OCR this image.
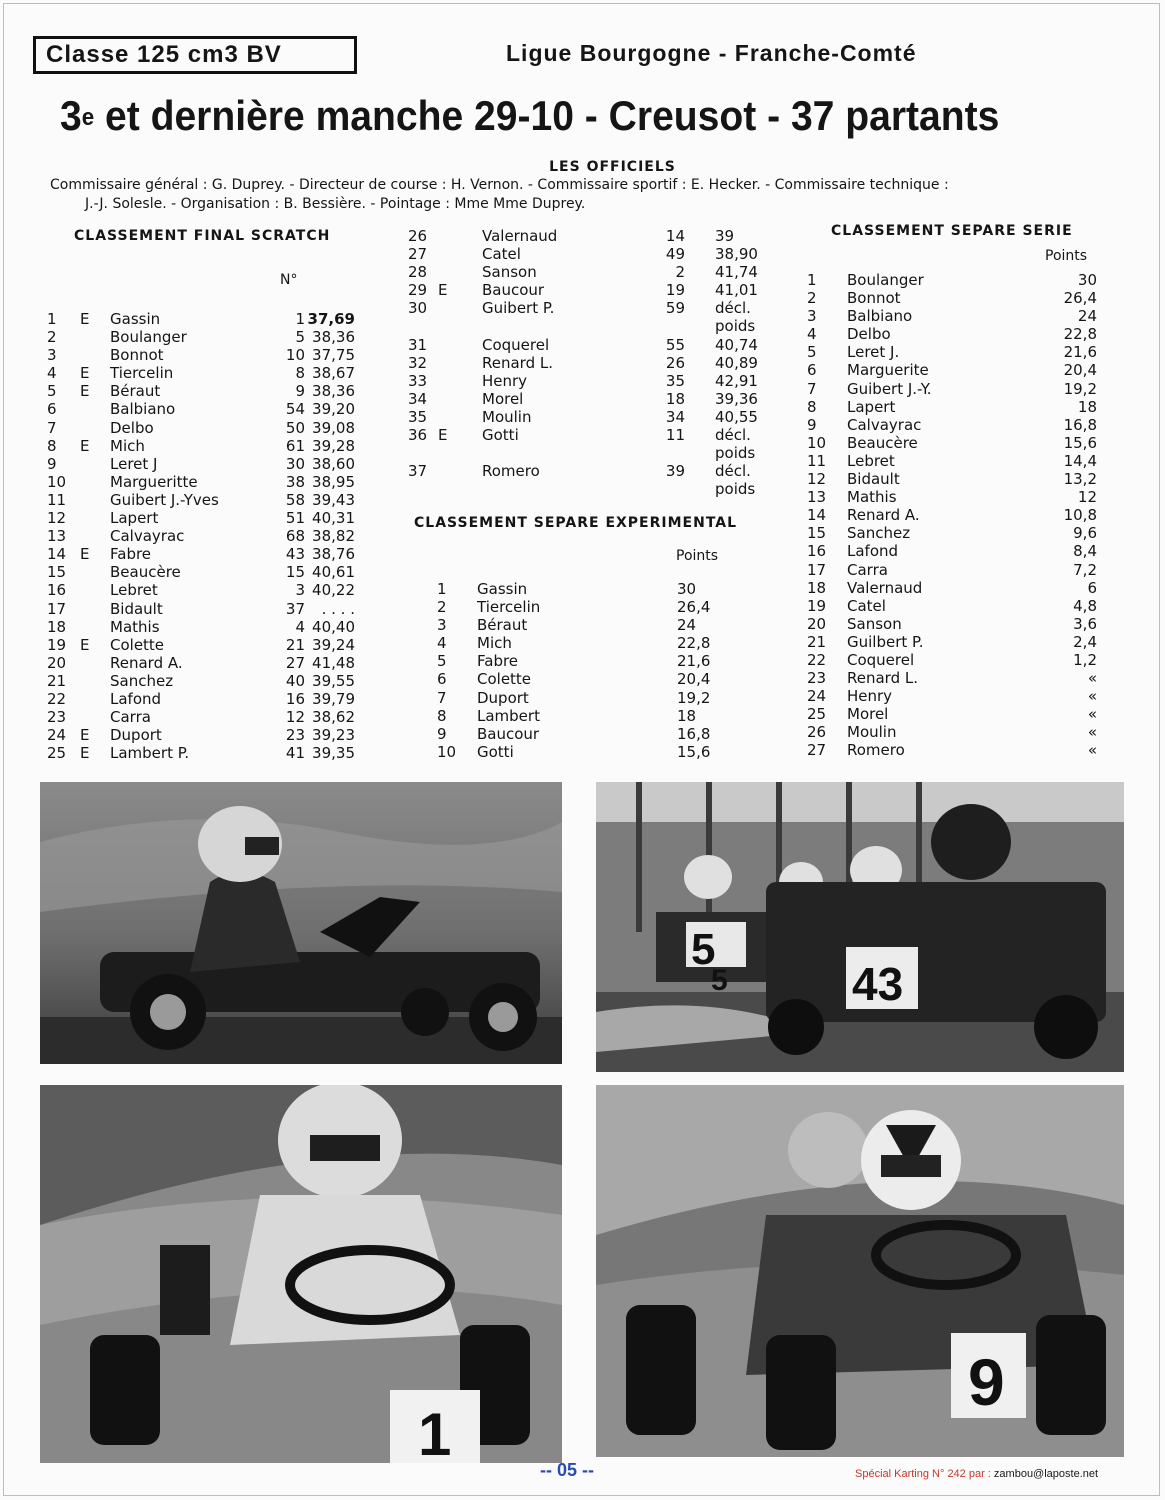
Classe 125 cm3 BV	Ligue Bourgogne - Franche-Comté
3e et dernière manche 29-10 - Creusot - 37 partants
LES OFFICIELS
Commissaire général : G. Duprey. - Directeur de course : H. Vernon. - Commissaire sportif : E. Hecker. - Commissaire technique :
J.-J. Solesle. - Organisation : B. Bessière. - Pointage : Mme Mme Duprey.
CLASSEMENT FINAL SCRATCH
N°
1	E	Gassin	1	37,69
2		Boulanger	5	38,36
3		Bonnot	10	37,75
4	E	Tiercelin	8	38,67
5	E	Béraut	9	38,36
6		Balbiano	54	39,20
7		Delbo	50	39,08
8	E	Mich	61	39,28
9		Leret J	30	38,60
10		Margueritte	38	38,95
11		Guibert J.-Yves	58	39,43
12		Lapert	51	40,31
13		Calvayrac	68	38,82
14	E	Fabre	43	38,76
15		Beaucère	15	40,61
16		Lebret	3	40,22
17		Bidault	37	. . . .
18		Mathis	4	40,40
19	E	Colette	21	39,24
20		Renard A.	27	41,48
21		Sanchez	40	39,55
22		Lafond	16	39,79
23		Carra	12	38,62
24	E	Duport	23	39,23
25	E	Lambert P.	41	39,35
26		Valernaud	14	39
27		Catel	49	38,90
28		Sanson	2	41,74
29	E	Baucour	19	41,01
30		Guibert P.	59	décl.
				poids
31		Coquerel	55	40,74
32		Renard L.	26	40,89
33		Henry	35	42,91
34		Morel	18	39,36
35		Moulin	34	40,55
36	E	Gotti	11	décl.
				poids
37		Romero	39	décl.
				poids
CLASSEMENT SEPARE EXPERIMENTAL
Points
1	Gassin	30
2	Tiercelin	26,4
3	Béraut	24
4	Mich	22,8
5	Fabre	21,6
6	Colette	20,4
7	Duport	19,2
8	Lambert	18
9	Baucour	16,8
10	Gotti	15,6
CLASSEMENT SEPARE SERIE
Points
1	Boulanger	30
2	Bonnot	26,4
3	Balbiano	24
4	Delbo	22,8
5	Leret J.	21,6
6	Marguerite	20,4
7	Guibert J.-Y.	19,2
8	Lapert	18
9	Calvayrac	16,8
10	Beaucère	15,6
11	Lebret	14,4
12	Bidault	13,2
13	Mathis	12
14	Renard A.	10,8
15	Sanchez	9,6
16	Lafond	8,4
17	Carra	7,2
18	Valernaud	6
19	Catel	4,8
20	Sanson	3,6
21	Guilbert P.	2,4
22	Coquerel	1,2
23	Renard L.	«
24	Henry	«
25	Morel	«
26	Moulin	«
27	Romero	«
5
5	43
1
9
-- 05 --	Spécial Karting N° 242 par : zambou@laposte.net
